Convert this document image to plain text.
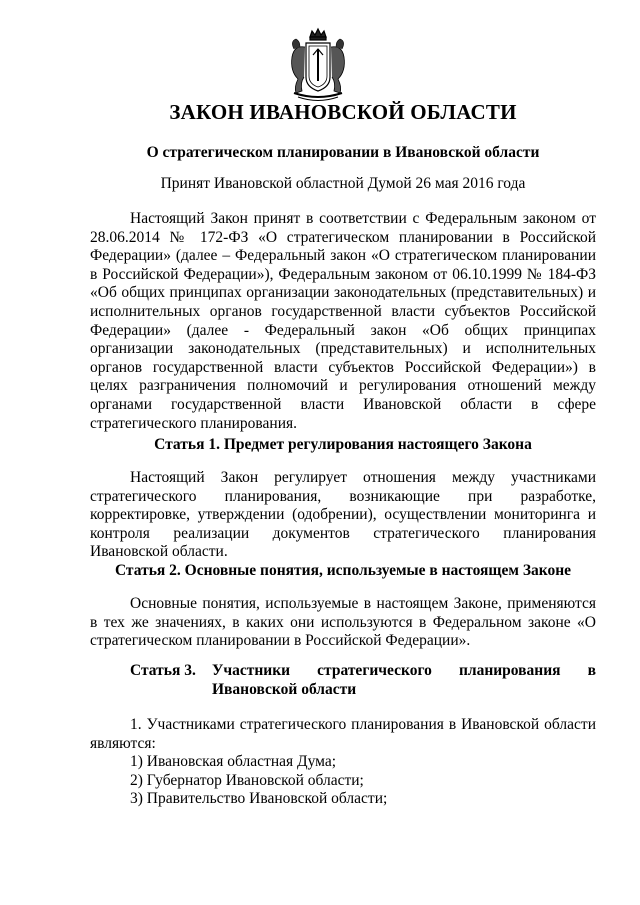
ЗАКОН ИВАНОВСКОЙ ОБЛАСТИ

О стратегическом планировании в Ивановской области

Принят Ивановской областной Думой 26 мая 2016 года

Настоящий Закон принят в соответствии с Федеральным законом от 28.06.2014 № 172-ФЗ «О стратегическом планировании в Российской Федерации» (далее – Федеральный закон «О стратегическом планировании в Российской Федерации»), Федеральным законом от 06.10.1999 № 184-ФЗ «Об общих принципах организации законодательных (представительных) и исполнительных органов государственной власти субъектов Российской Федерации» (далее - Федеральный закон «Об общих принципах организации законодательных (представительных) и исполнительных органов государственной власти субъектов Российской Федерации») в целях разграничения полномочий и регулирования отношений между органами государственной власти Ивановской области в сфере стратегического планирования.

Статья 1. Предмет регулирования настоящего Закона

Настоящий Закон регулирует отношения между участниками стратегического планирования, возникающие при разработке, корректировке, утверждении (одобрении), осуществлении мониторинга и контроля реализации документов стратегического планирования Ивановской области.

Статья 2. Основные понятия, используемые в настоящем Законе

Основные понятия, используемые в настоящем Законе, применяются в тех же значениях, в каких они используются в Федеральном законе «О стратегическом планировании в Российской Федерации».

Статья 3. Участники стратегического планирования в
Ивановской области

1. Участниками стратегического планирования в Ивановской области являются:

1) Ивановская областная Дума;

2) Губернатор Ивановской области;

3) Правительство Ивановской области;
